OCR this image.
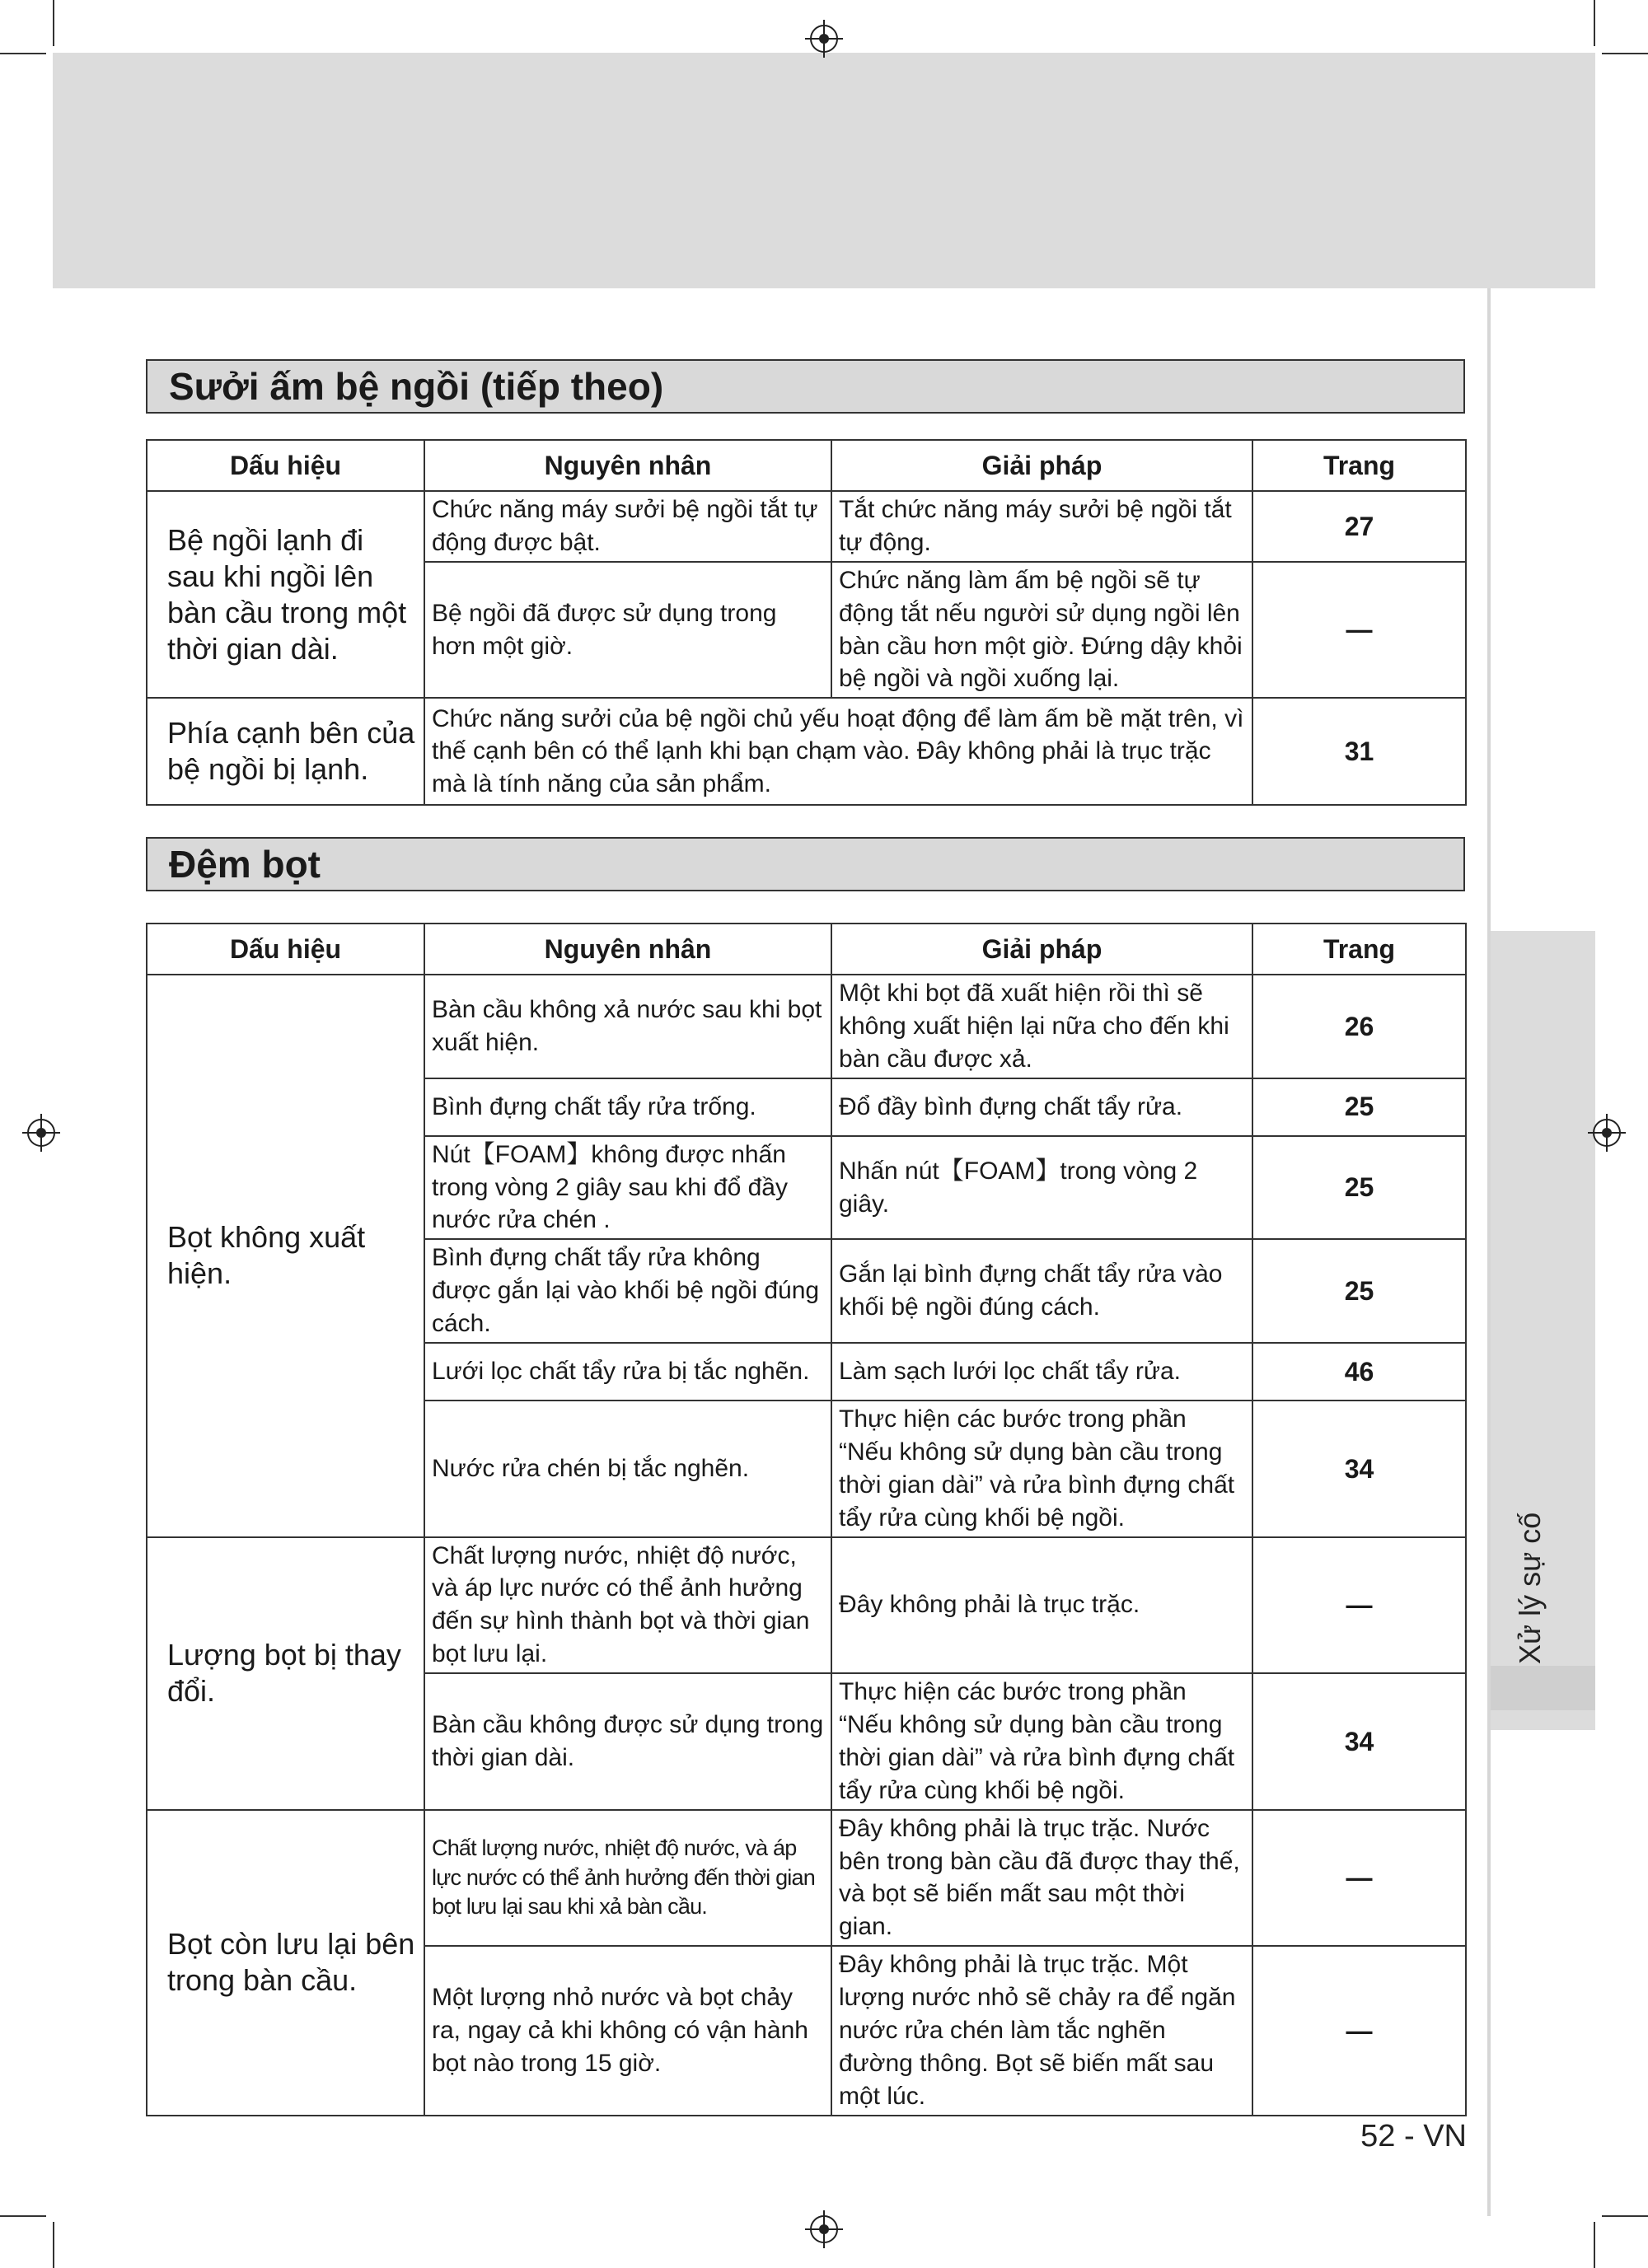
Xử lý sự cố
Sưởi ấm bệ ngồi (tiếp theo)
Dấu hiệu	Nguyên nhân	Giải pháp	Trang
Bệ ngồi lạnh đi sau khi ngồi lên bàn cầu trong một thời gian dài.	Chức năng máy sưởi bệ ngồi tắt tự động được bật.	Tắt chức năng máy sưởi bệ ngồi tắt tự động.	27
	Bệ ngồi đã được sử dụng trong hơn một giờ.	Chức năng làm ấm bệ ngồi sẽ tự động tắt nếu người sử dụng ngồi lên bàn cầu hơn một giờ. Đứng dậy khỏi bệ ngồi và ngồi xuống lại.	—
Phía cạnh bên của bệ ngồi bị lạnh.	Chức năng sưởi của bệ ngồi chủ yếu hoạt động để làm ấm bề mặt trên, vì thế cạnh bên có thể lạnh khi bạn chạm vào. Đây không phải là trục trặc mà là tính năng của sản phẩm.		31
Đệm bọt
Dấu hiệu	Nguyên nhân	Giải pháp	Trang
Bọt không xuất hiện.	Bàn cầu không xả nước sau khi bọt xuất hiện.	Một khi bọt đã xuất hiện rồi thì sẽ không xuất hiện lại nữa cho đến khi bàn cầu được xả.	26
	Bình đựng chất tẩy rửa trống.	Đổ đầy bình đựng chất tẩy rửa.	25
	Nút【FOAM】không được nhấn trong vòng 2 giây sau khi đổ đầy nước rửa chén .	Nhấn nút【FOAM】trong vòng 2 giây.	25
	Bình đựng chất tẩy rửa không được gắn lại vào khối bệ ngồi đúng cách.	Gắn lại bình đựng chất tẩy rửa vào khối bệ ngồi đúng cách.	25
	Lưới lọc chất tẩy rửa bị tắc nghẽn.	Làm sạch lưới lọc chất tẩy rửa.	46
	Nước rửa chén bị tắc nghẽn.	Thực hiện các bước trong phần “Nếu không sử dụng bàn cầu trong thời gian dài” và rửa bình đựng chất tẩy rửa cùng khối bệ ngồi.	34
Lượng bọt bị thay đổi.	Chất lượng nước, nhiệt độ nước, và áp lực nước có thể ảnh hưởng đến sự hình thành bọt và thời gian bọt lưu lại.	Đây không phải là trục trặc.	—
	Bàn cầu không được sử dụng trong thời gian dài.	Thực hiện các bước trong phần “Nếu không sử dụng bàn cầu trong thời gian dài” và rửa bình đựng chất tẩy rửa cùng khối bệ ngồi.	34
Bọt còn lưu lại bên trong bàn cầu.	Chất lượng nước, nhiệt độ nước, và áp lực nước có thể ảnh hưởng đến thời gian bọt lưu lại sau khi xả bàn cầu.	Đây không phải là trục trặc. Nước bên trong bàn cầu đã được thay thế, và bọt sẽ biến mất sau một thời gian.	—
	Một lượng nhỏ nước và bọt chảy ra, ngay cả khi không có vận hành bọt nào trong 15 giờ.	Đây không phải là trục trặc. Một lượng nước nhỏ sẽ chảy ra để ngăn nước rửa chén làm tắc nghẽn đường thông. Bọt sẽ biến mất sau một lúc.	—
52 - VN
